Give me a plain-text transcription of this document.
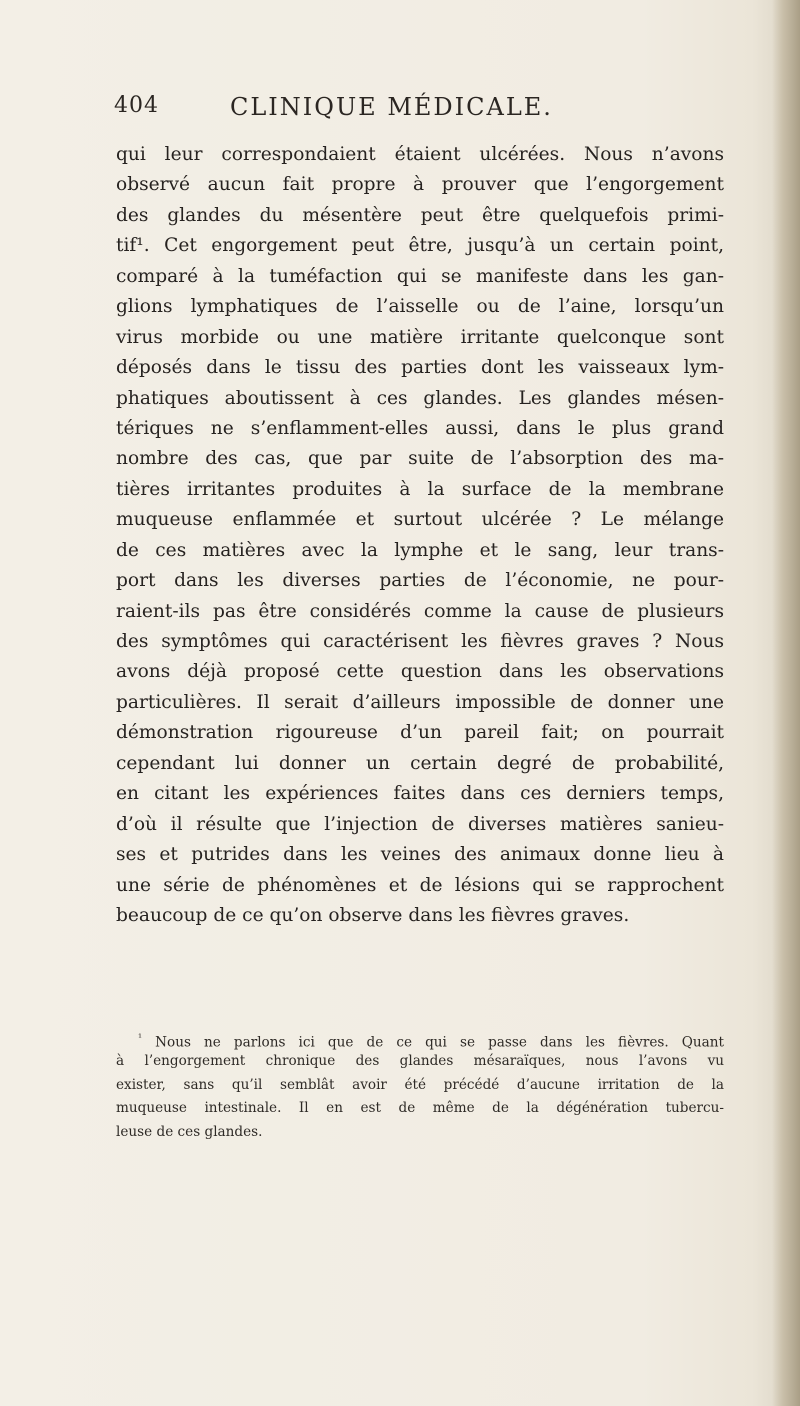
404	CLINIQUE MÉDICALE.
qui leur correspondaient étaient ulcérées. Nous n’avons
observé aucun fait propre à prouver que l’engorgement
des glandes du mésentère peut être quelquefois primi-
tif¹. Cet engorgement peut être, jusqu’à un certain point,
comparé à la tuméfaction qui se manifeste dans les gan-
glions lymphatiques de l’aisselle ou de l’aine, lorsqu’un
virus morbide ou une matière irritante quelconque sont
déposés dans le tissu des parties dont les vaisseaux lym-
phatiques aboutissent à ces glandes. Les glandes mésen-
tériques ne s’enflamment-elles aussi, dans le plus grand
nombre des cas, que par suite de l’absorption des ma-
tières irritantes produites à la surface de la membrane
muqueuse enflammée et surtout ulcérée ? Le mélange
de ces matières avec la lymphe et le sang, leur trans-
port dans les diverses parties de l’économie, ne pour-
raient-ils pas être considérés comme la cause de plusieurs
des symptômes qui caractérisent les fièvres graves ? Nous
avons déjà proposé cette question dans les observations
particulières. Il serait d’ailleurs impossible de donner une
démonstration rigoureuse d’un pareil fait; on pourrait
cependant lui donner un certain degré de probabilité,
en citant les expériences faites dans ces derniers temps,
d’où il résulte que l’injection de diverses matières sanieu-
ses et putrides dans les veines des animaux donne lieu à
une série de phénomènes et de lésions qui se rapprochent
beaucoup de ce qu’on observe dans les fièvres graves.
$^{^1}$ Nous ne parlons ici que de ce qui se passe dans les fièvres. Quant
à l’engorgement chronique des glandes mésaraïques, nous l’avons vu
exister, sans qu’il semblât avoir été précédé d’aucune irritation de la
muqueuse intestinale. Il en est de même de la dégénération tubercu-
leuse de ces glandes.
